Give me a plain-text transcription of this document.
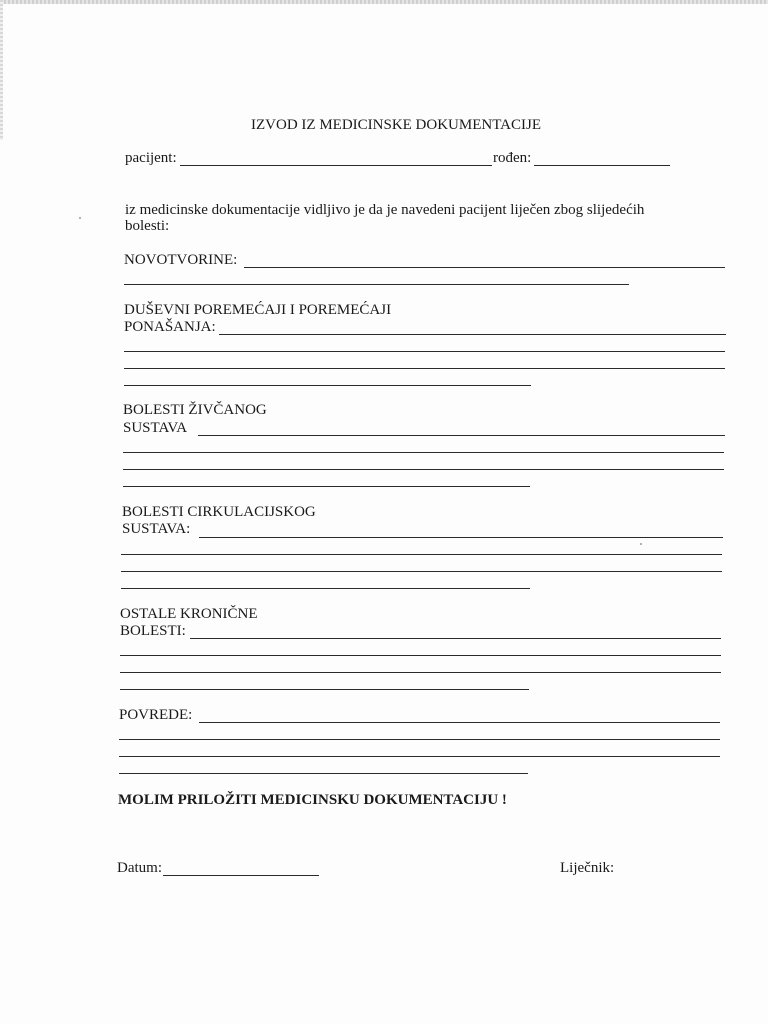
IZVOD IZ MEDICINSKE DOKUMENTACIJE
pacijent:	rođen:
iz medicinske dokumentacije vidljivo je da je navedeni pacijent liječen zbog slijedećih
bolesti:
NOVOTVORINE:
DUŠEVNI POREMEĆAJI I POREMEĆAJI
PONAŠANJA:
BOLESTI ŽIVČANOG
SUSTAVA
BOLESTI CIRKULACIJSKOG
SUSTAVA:
OSTALE KRONIČNE
BOLESTI:
POVREDE:
MOLIM PRILOŽITI MEDICINSKU DOKUMENTACIJU !
Datum:	Liječnik:
